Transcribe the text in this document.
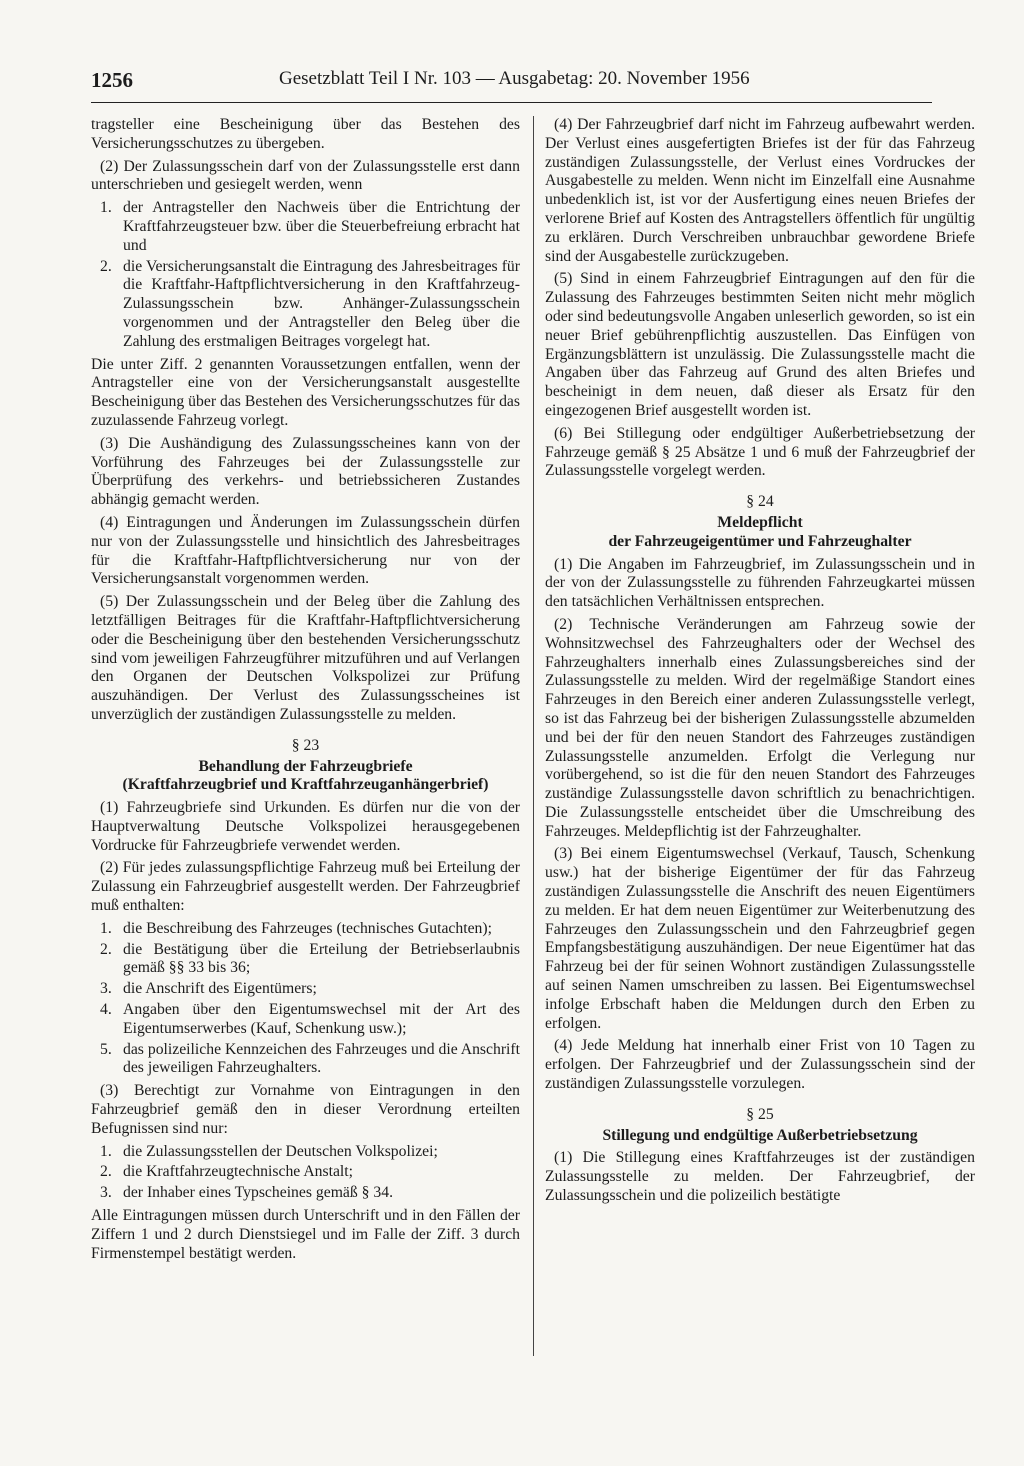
1256	Gesetzblatt Teil I Nr. 103 — Ausgabetag: 20. November 1956

tragsteller eine Bescheinigung über das Bestehen des Versicherungsschutzes zu übergeben.

(2) Der Zulassungsschein darf von der Zulassungsstelle erst dann unterschrieben und gesiegelt werden, wenn

1. der Antragsteller den Nachweis über die Entrichtung der Kraftfahrzeugsteuer bzw. über die Steuerbefreiung erbracht hat und
2. die Versicherungsanstalt die Eintragung des Jahresbeitrages für die Kraftfahr-Haftpflichtversicherung in den Kraftfahrzeug-Zulassungsschein bzw. Anhänger-Zulassungsschein vorgenommen und der Antragsteller den Beleg über die Zahlung des erstmaligen Beitrages vorgelegt hat.

Die unter Ziff. 2 genannten Voraussetzungen entfallen, wenn der Antragsteller eine von der Versicherungsanstalt ausgestellte Bescheinigung über das Bestehen des Versicherungsschutzes für das zuzulassende Fahrzeug vorlegt.

(3) Die Aushändigung des Zulassungsscheines kann von der Vorführung des Fahrzeuges bei der Zulassungsstelle zur Überprüfung des verkehrs- und betriebssicheren Zustandes abhängig gemacht werden.

(4) Eintragungen und Änderungen im Zulassungsschein dürfen nur von der Zulassungsstelle und hinsichtlich des Jahresbeitrages für die Kraftfahr-Haftpflichtversicherung nur von der Versicherungsanstalt vorgenommen werden.

(5) Der Zulassungsschein und der Beleg über die Zahlung des letztfälligen Beitrages für die Kraftfahr-Haftpflichtversicherung oder die Bescheinigung über den bestehenden Versicherungsschutz sind vom jeweiligen Fahrzeugführer mitzuführen und auf Verlangen den Organen der Deutschen Volkspolizei zur Prüfung auszuhändigen. Der Verlust des Zulassungsscheines ist unverzüglich der zuständigen Zulassungsstelle zu melden.

§ 23
Behandlung der Fahrzeugbriefe
(Kraftfahrzeugbrief und Kraftfahrzeuganhängerbrief)

(1) Fahrzeugbriefe sind Urkunden. Es dürfen nur die von der Hauptverwaltung Deutsche Volkspolizei herausgegebenen Vordrucke für Fahrzeugbriefe verwendet werden.

(2) Für jedes zulassungspflichtige Fahrzeug muß bei Erteilung der Zulassung ein Fahrzeugbrief ausgestellt werden. Der Fahrzeugbrief muß enthalten:

1. die Beschreibung des Fahrzeuges (technisches Gutachten);
2. die Bestätigung über die Erteilung der Betriebserlaubnis gemäß §§ 33 bis 36;
3. die Anschrift des Eigentümers;
4. Angaben über den Eigentumswechsel mit der Art des Eigentumserwerbes (Kauf, Schenkung usw.);
5. das polizeiliche Kennzeichen des Fahrzeuges und die Anschrift des jeweiligen Fahrzeughalters.

(3) Berechtigt zur Vornahme von Eintragungen in den Fahrzeugbrief gemäß den in dieser Verordnung erteilten Befugnissen sind nur:

1. die Zulassungsstellen der Deutschen Volkspolizei;
2. die Kraftfahrzeugtechnische Anstalt;
3. der Inhaber eines Typscheines gemäß § 34.

Alle Eintragungen müssen durch Unterschrift und in den Fällen der Ziffern 1 und 2 durch Dienstsiegel und im Falle der Ziff. 3 durch Firmenstempel bestätigt werden.

(4) Der Fahrzeugbrief darf nicht im Fahrzeug aufbewahrt werden. Der Verlust eines ausgefertigten Briefes ist der für das Fahrzeug zuständigen Zulassungsstelle, der Verlust eines Vordruckes der Ausgabestelle zu melden. Wenn nicht im Einzelfall eine Ausnahme unbedenklich ist, ist vor der Ausfertigung eines neuen Briefes der verlorene Brief auf Kosten des Antragstellers öffentlich für ungültig zu erklären. Durch Verschreiben unbrauchbar gewordene Briefe sind der Ausgabestelle zurückzugeben.

(5) Sind in einem Fahrzeugbrief Eintragungen auf den für die Zulassung des Fahrzeuges bestimmten Seiten nicht mehr möglich oder sind bedeutungsvolle Angaben unleserlich geworden, so ist ein neuer Brief gebührenpflichtig auszustellen. Das Einfügen von Ergänzungsblättern ist unzulässig. Die Zulassungsstelle macht die Angaben über das Fahrzeug auf Grund des alten Briefes und bescheinigt in dem neuen, daß dieser als Ersatz für den eingezogenen Brief ausgestellt worden ist.

(6) Bei Stillegung oder endgültiger Außerbetriebsetzung der Fahrzeuge gemäß § 25 Absätze 1 und 6 muß der Fahrzeugbrief der Zulassungsstelle vorgelegt werden.

§ 24
Meldepflicht
der Fahrzeugeigentümer und Fahrzeughalter

(1) Die Angaben im Fahrzeugbrief, im Zulassungsschein und in der von der Zulassungsstelle zu führenden Fahrzeugkartei müssen den tatsächlichen Verhältnissen entsprechen.

(2) Technische Veränderungen am Fahrzeug sowie der Wohnsitzwechsel des Fahrzeughalters oder der Wechsel des Fahrzeughalters innerhalb eines Zulassungsbereiches sind der Zulassungsstelle zu melden. Wird der regelmäßige Standort eines Fahrzeuges in den Bereich einer anderen Zulassungsstelle verlegt, so ist das Fahrzeug bei der bisherigen Zulassungsstelle abzumelden und bei der für den neuen Standort des Fahrzeuges zuständigen Zulassungsstelle anzumelden. Erfolgt die Verlegung nur vorübergehend, so ist die für den neuen Standort des Fahrzeuges zuständige Zulassungsstelle davon schriftlich zu benachrichtigen. Die Zulassungsstelle entscheidet über die Umschreibung des Fahrzeuges. Meldepflichtig ist der Fahrzeughalter.

(3) Bei einem Eigentumswechsel (Verkauf, Tausch, Schenkung usw.) hat der bisherige Eigentümer der für das Fahrzeug zuständigen Zulassungsstelle die Anschrift des neuen Eigentümers zu melden. Er hat dem neuen Eigentümer zur Weiterbenutzung des Fahrzeuges den Zulassungsschein und den Fahrzeugbrief gegen Empfangsbestätigung auszuhändigen. Der neue Eigentümer hat das Fahrzeug bei der für seinen Wohnort zuständigen Zulassungsstelle auf seinen Namen umschreiben zu lassen. Bei Eigentumswechsel infolge Erbschaft haben die Meldungen durch den Erben zu erfolgen.

(4) Jede Meldung hat innerhalb einer Frist von 10 Tagen zu erfolgen. Der Fahrzeugbrief und der Zulassungsschein sind der zuständigen Zulassungsstelle vorzulegen.

§ 25
Stillegung und endgültige Außerbetriebsetzung

(1) Die Stillegung eines Kraftfahrzeuges ist der zuständigen Zulassungsstelle zu melden. Der Fahrzeugbrief, der Zulassungsschein und die polizeilich bestätigte
